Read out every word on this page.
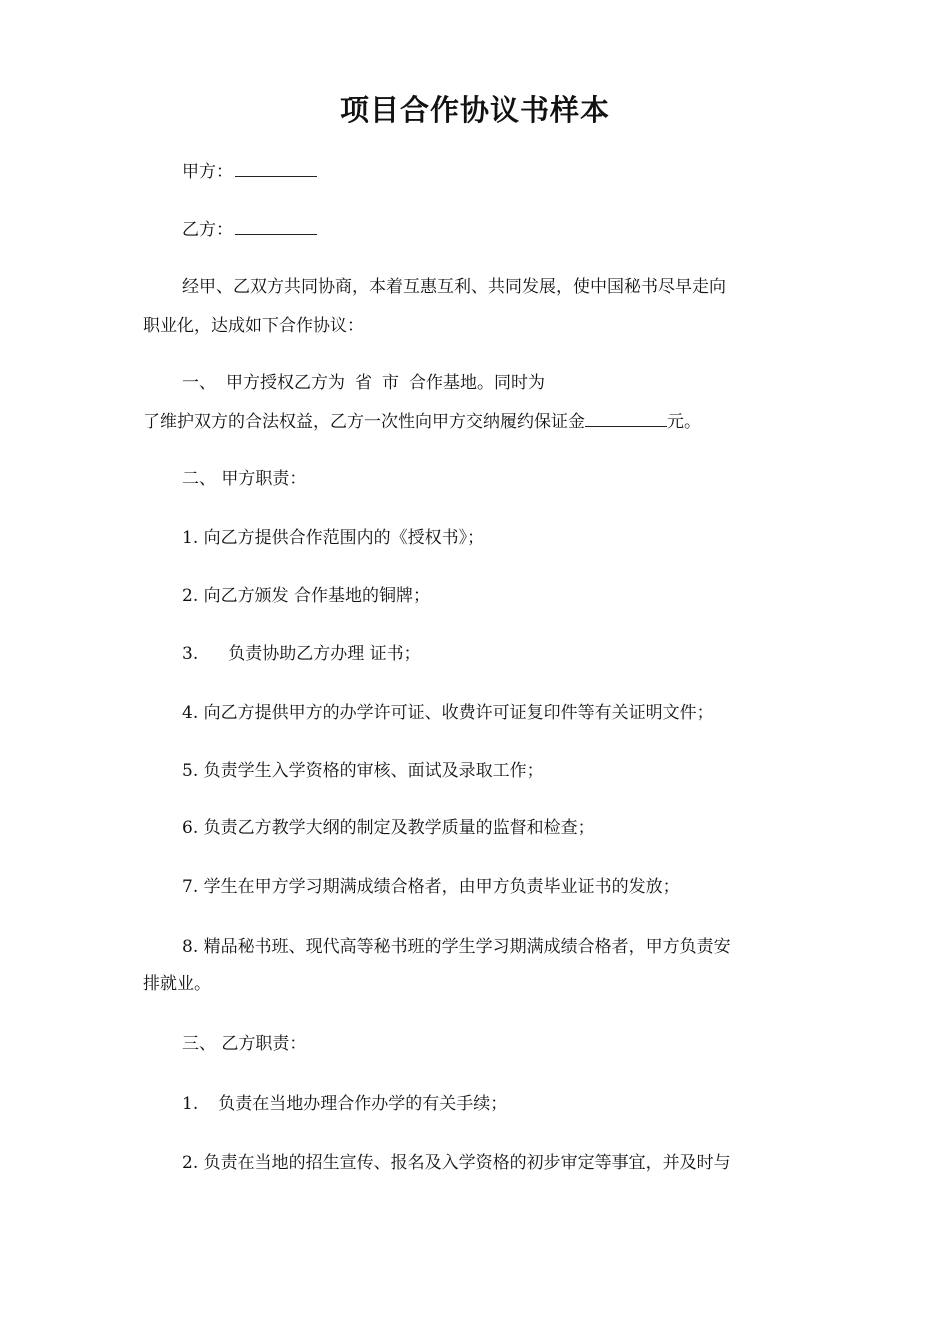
项目合作协议书样本

甲方：

乙方：

经甲、乙双方共同协商，本着互惠互利、共同发展，使中国秘书尽早走向

职业化，达成如下合作协议：

一、 甲方授权乙方为 省 市 合作基地。同时为

了维护双方的合法权益，乙方一次性向甲方交纳履约保证金	元。

二、 甲方职责：

1. 向乙方提供合作范围内的《授权书》；

2. 向乙方颁发 合作基地的铜牌；

3. 负责协助乙方办理 证书；

4. 向乙方提供甲方的办学许可证、收费许可证复印件等有关证明文件；

5. 负责学生入学资格的审核、面试及录取工作；

6. 负责乙方教学大纲的制定及教学质量的监督和检查；

7. 学生在甲方学习期满成绩合格者，由甲方负责毕业证书的发放；

8. 精品秘书班、现代高等秘书班的学生学习期满成绩合格者，甲方负责安

排就业。

三、 乙方职责：

1. 负责在当地办理合作办学的有关手续；

2. 负责在当地的招生宣传、报名及入学资格的初步审定等事宜，并及时与
